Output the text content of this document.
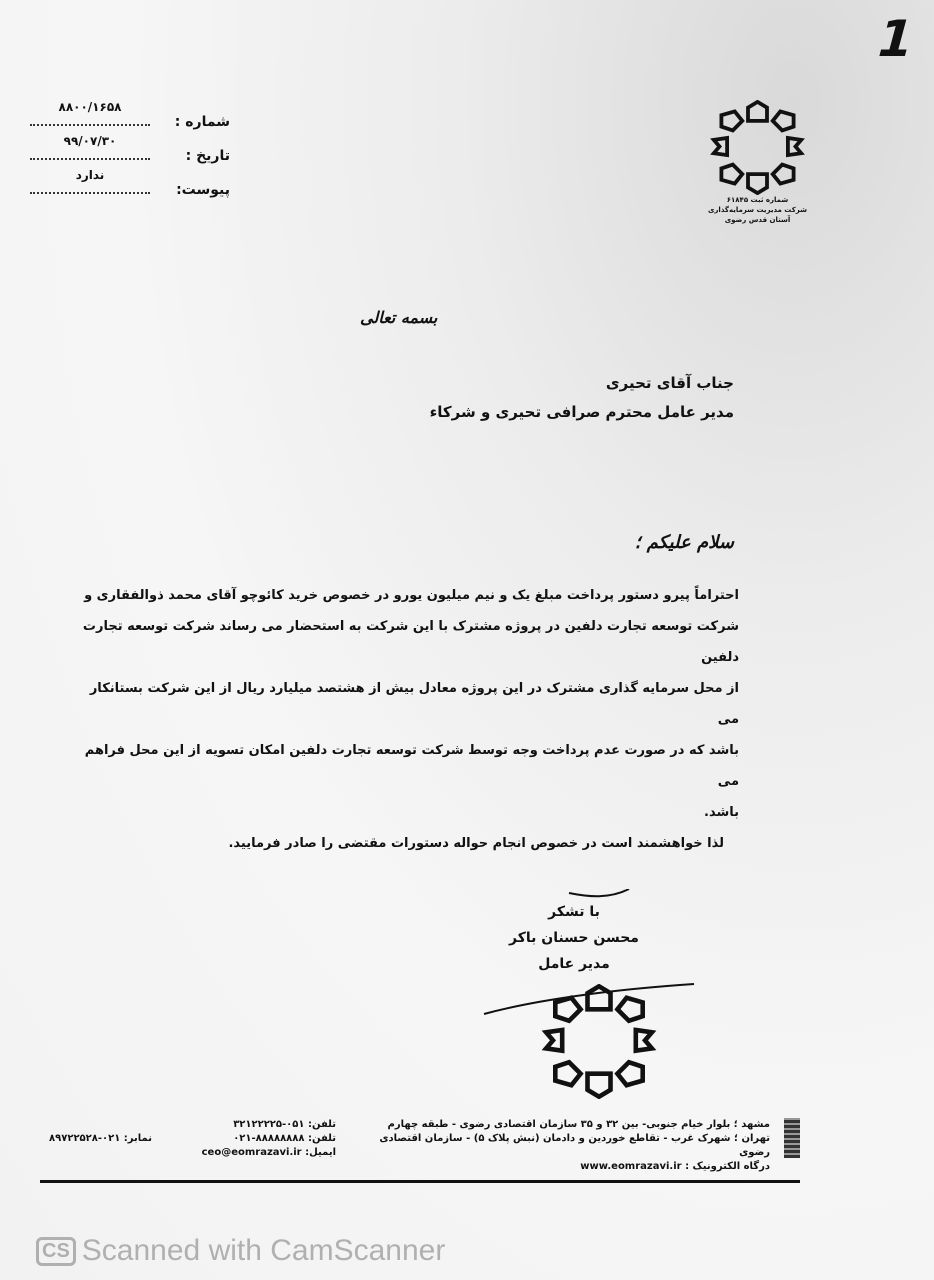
1
شماره :
۸۸۰۰/۱۶۵۸
تاریخ :
۹۹/۰۷/۳۰
پیوست:
ندارد
شماره ثبت ۶۱۸۴۵
شرکت مدیریت سرمایه‌گذاری
آستان قدس رضوی
بسمه تعالی
جناب آقای تحیری
مدیر عامل محترم صرافی تحیری و شرکاء
سلام علیکم ؛
احتراماً پیرو دستور پرداخت مبلغ یک و نیم میلیون یورو در خصوص خرید کائوچو آقای محمد ذوالفقاری و
شرکت توسعه تجارت دلفین در پروژه مشترک با این شرکت به استحضار می رساند شرکت توسعه تجارت دلفین
از محل سرمایه گذاری مشترک در این پروژه معادل بیش از هشتصد میلیارد ریال از این شرکت بستانکار می
باشد که در صورت عدم پرداخت وجه توسط شرکت توسعه تجارت دلفین امکان تسویه از این محل فراهم می
باشد.
لذا خواهشمند است در خصوص انجام حواله دستورات مقتضی را صادر فرمایید.
با تشکر
محسن حسنان باکر
مدیر عامل
مشهد ؛ بلوار خیام جنوبی- بین ۳۲ و ۳۵ سازمان اقتصادی رضوی - طبقه چهارم
تهران ؛ شهرک غرب - تقاطع خوردین و دادمان (نبش پلاک ۵) - سازمان اقتصادی رضوی
درگاه الکترونیک : www.eomrazavi.ir
تلفن: ۰۵۱-۳۲۱۲۲۲۲۵
تلفن: ۸۸۸۸۸۸۸۸-۰۲۱
ایمیل: ceo@eomrazavi.ir
نمابر: ۰۲۱-۸۹۷۲۲۵۲۸
CS Scanned with CamScanner
